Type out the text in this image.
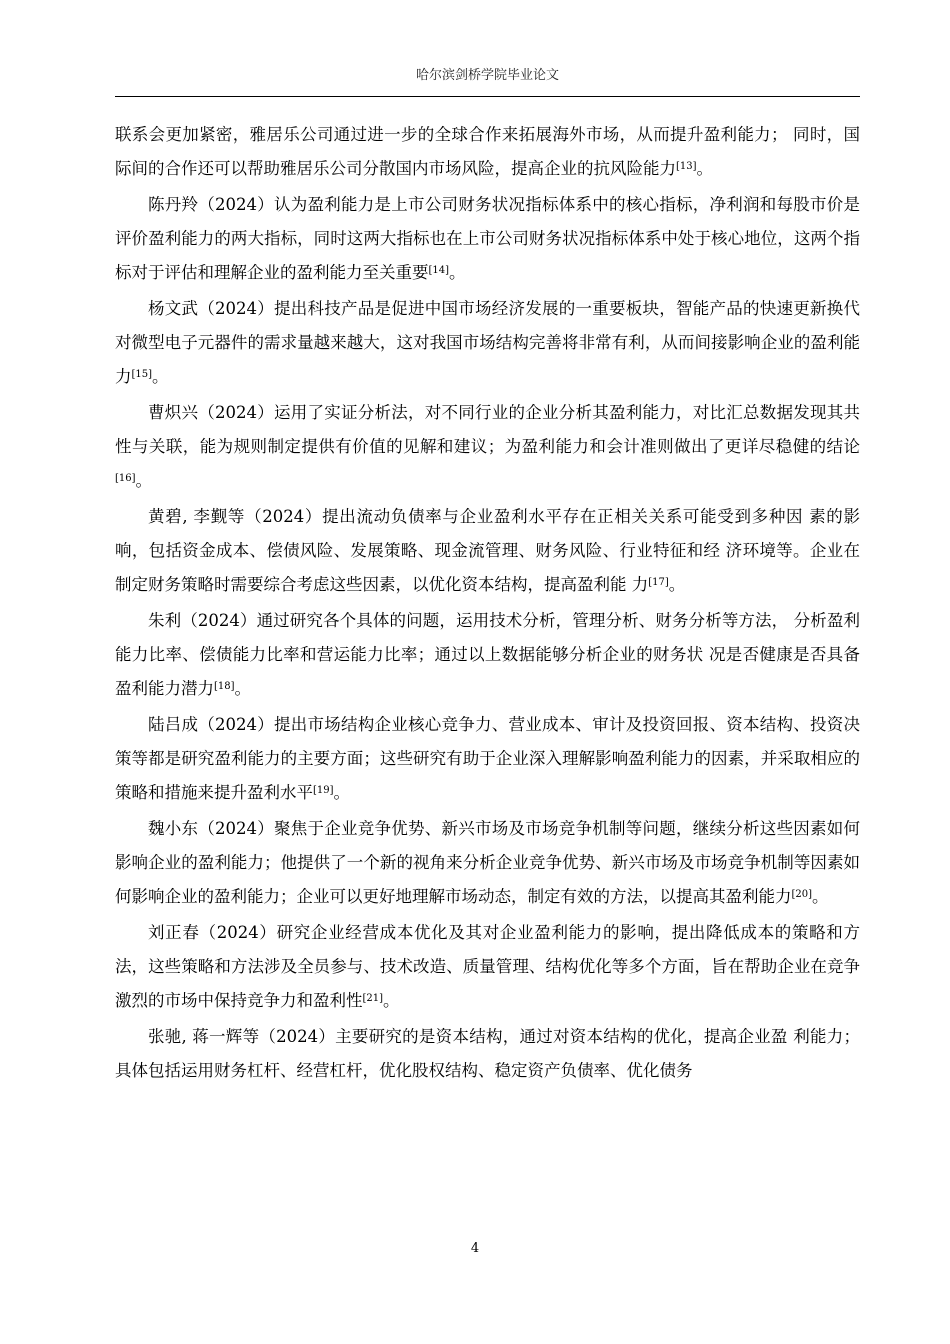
哈尔滨剑桥学院毕业论文

联系会更加紧密，雅居乐公司通过进一步的全球合作来拓展海外市场，从而提升盈利能力； 同时，国际间的合作还可以帮助雅居乐公司分散国内市场风险，提高企业的抗风险能力[13]。

陈丹羚（2024）认为盈利能力是上市公司财务状况指标体系中的核心指标，净利润和每股市价是评价盈利能力的两大指标，同时这两大指标也在上市公司财务状况指标体系中处于核心地位，这两个指标对于评估和理解企业的盈利能力至关重要[14]。

杨文武（2024）提出科技产品是促进中国市场经济发展的一重要板块，智能产品的快速更新换代对微型电子元器件的需求量越来越大，这对我国市场结构完善将非常有利，从而间接影响企业的盈利能力[15]。

曹炽兴（2024）运用了实证分析法，对不同行业的企业分析其盈利能力，对比汇总数据发现其共性与关联，能为规则制定提供有价值的见解和建议；为盈利能力和会计准则做出了更详尽稳健的结论[16]。

黄碧, 李觐等（2024）提出流动负债率与企业盈利水平存在正相关关系可能受到多种因 素的影响，包括资金成本、偿债风险、发展策略、现金流管理、财务风险、行业特征和经 济环境等。企业在制定财务策略时需要综合考虑这些因素，以优化资本结构，提高盈利能 力[17]。

朱利（2024）通过研究各个具体的问题，运用技术分析，管理分析、财务分析等方法， 分析盈利能力比率、偿债能力比率和营运能力比率；通过以上数据能够分析企业的财务状 况是否健康是否具备盈利能力潜力[18]。

陆吕成（2024）提出市场结构企业核心竞争力、营业成本、审计及投资回报、资本结构、投资决策等都是研究盈利能力的主要方面；这些研究有助于企业深入理解影响盈利能力的因素，并采取相应的策略和措施来提升盈利水平[19]。

魏小东（2024）聚焦于企业竞争优势、新兴市场及市场竞争机制等问题，继续分析这些因素如何影响企业的盈利能力；他提供了一个新的视角来分析企业竞争优势、新兴市场及市场竞争机制等因素如何影响企业的盈利能力；企业可以更好地理解市场动态，制定有效的方法，以提高其盈利能力[20]。

刘正春（2024）研究企业经营成本优化及其对企业盈利能力的影响，提出降低成本的策略和方法，这些策略和方法涉及全员参与、技术改造、质量管理、结构优化等多个方面，旨在帮助企业在竞争激烈的市场中保持竞争力和盈利性[21]。

张驰, 蒋一辉等（2024）主要研究的是资本结构，通过对资本结构的优化，提高企业盈 利能力；具体包括运用财务杠杆、经营杠杆，优化股权结构、稳定资产负债率、优化债务

4
